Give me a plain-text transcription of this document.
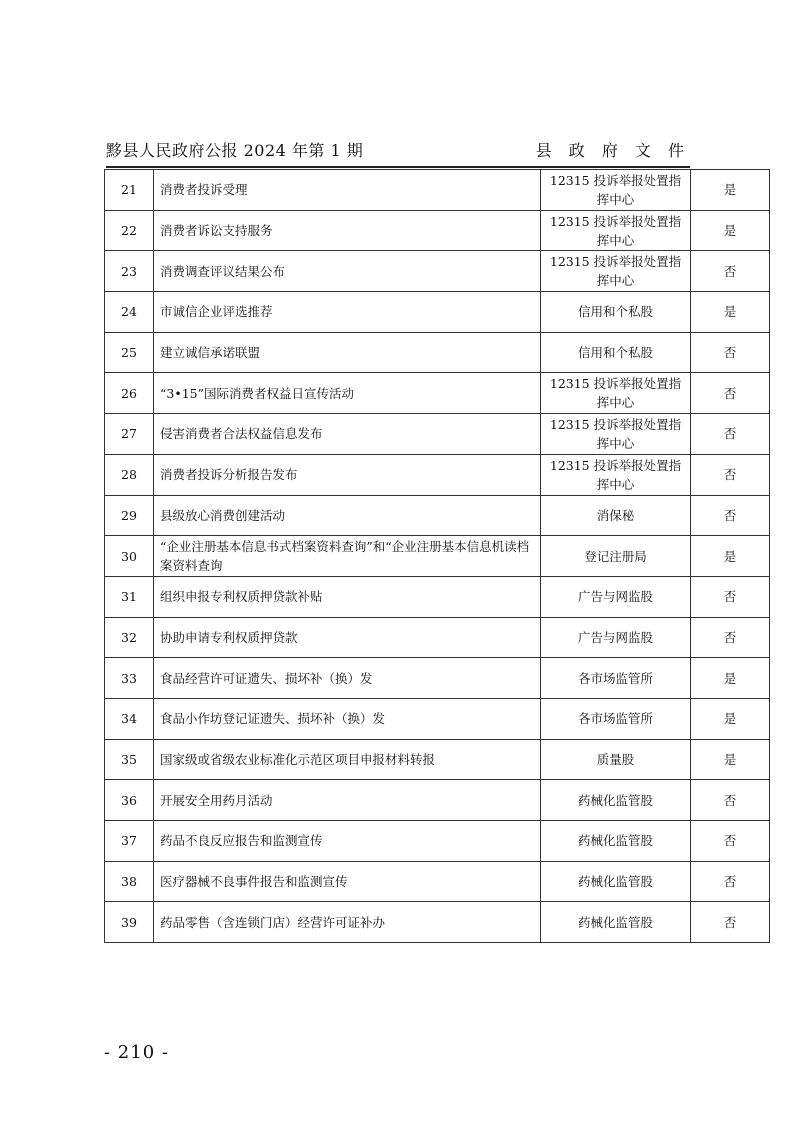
黟县人民政府公报 2024 年第 1 期	县 政 府 文 件
21	消费者投诉受理	12315 投诉举报处置指挥中心	是
22	消费者诉讼支持服务	12315 投诉举报处置指挥中心	是
23	消费调查评议结果公布	12315 投诉举报处置指挥中心	否
24	市诚信企业评选推荐	信用和个私股	是
25	建立诚信承诺联盟	信用和个私股	否
26	“3•15”国际消费者权益日宣传活动	12315 投诉举报处置指挥中心	否
27	侵害消费者合法权益信息发布	12315 投诉举报处置指挥中心	否
28	消费者投诉分析报告发布	12315 投诉举报处置指挥中心	否
29	县级放心消费创建活动	消保秘	否
30	“企业注册基本信息书式档案资料查询”和“企业注册基本信息机读档案资料查询	登记注册局	是
31	组织申报专利权质押贷款补贴	广告与网监股	否
32	协助申请专利权质押贷款	广告与网监股	否
33	食品经营许可证遗失、损坏补（换）发	各市场监管所	是
34	食品小作坊登记证遗失、损坏补（换）发	各市场监管所	是
35	国家级或省级农业标准化示范区项目申报材料转报	质量股	是
36	开展安全用药月活动	药械化监管股	否
37	药品不良反应报告和监测宣传	药械化监管股	否
38	医疗器械不良事件报告和监测宣传	药械化监管股	否
39	药品零售（含连锁门店）经营许可证补办	药械化监管股	否
- 210 -
